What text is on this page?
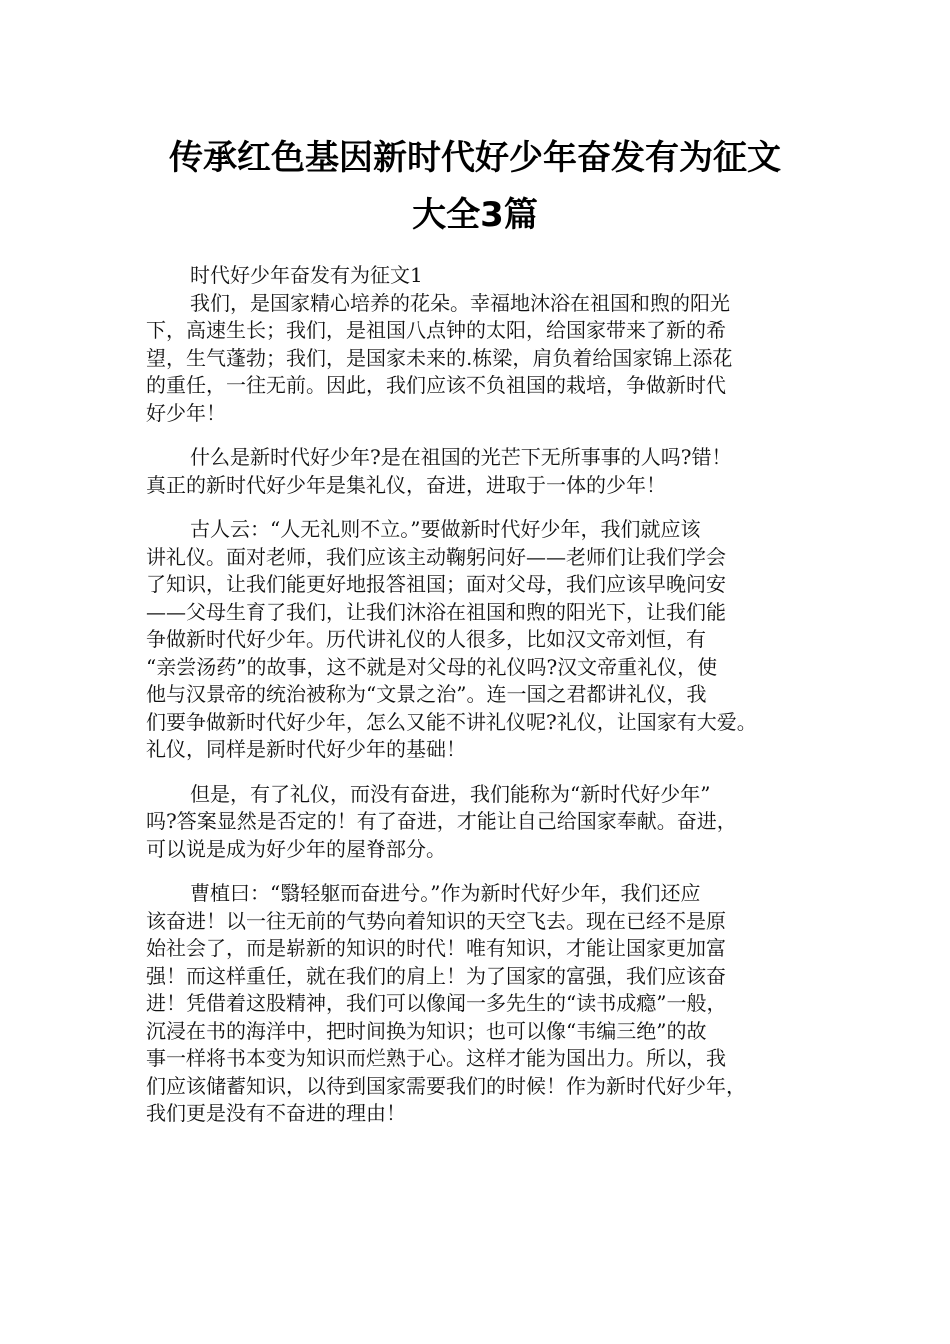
传承红色基因新时代好少年奋发有为征文
大全3篇
时代好少年奋发有为征文1
我们，是国家精心培养的花朵。幸福地沐浴在祖国和煦的阳光
下，高速生长；我们，是祖国八点钟的太阳，给国家带来了新的希
望，生气蓬勃；我们，是国家未来的.栋梁，肩负着给国家锦上添花
的重任，一往无前。因此，我们应该不负祖国的栽培，争做新时代
好少年！
什么是新时代好少年?是在祖国的光芒下无所事事的人吗?错！
真正的新时代好少年是集礼仪，奋进，进取于一体的少年！
古人云：“人无礼则不立。”要做新时代好少年，我们就应该
讲礼仪。面对老师，我们应该主动鞠躬问好——老师们让我们学会
了知识，让我们能更好地报答祖国；面对父母，我们应该早晚问安
——父母生育了我们，让我们沐浴在祖国和煦的阳光下，让我们能
争做新时代好少年。历代讲礼仪的人很多，比如汉文帝刘恒，有
“亲尝汤药”的故事，这不就是对父母的礼仪吗?汉文帝重礼仪，使
他与汉景帝的统治被称为“文景之治”。连一国之君都讲礼仪，我
们要争做新时代好少年，怎么又能不讲礼仪呢?礼仪，让国家有大爱。
礼仪，同样是新时代好少年的基础！
但是，有了礼仪，而没有奋进，我们能称为“新时代好少年”
吗?答案显然是否定的！有了奋进，才能让自己给国家奉献。奋进，
可以说是成为好少年的屋脊部分。
曹植曰：“翳轻躯而奋进兮。”作为新时代好少年，我们还应
该奋进！以一往无前的气势向着知识的天空飞去。现在已经不是原
始社会了，而是崭新的知识的时代！唯有知识，才能让国家更加富
强！而这样重任，就在我们的肩上！为了国家的富强，我们应该奋
进！凭借着这股精神，我们可以像闻一多先生的“读书成瘾”一般，
沉浸在书的海洋中，把时间换为知识；也可以像“韦编三绝”的故
事一样将书本变为知识而烂熟于心。这样才能为国出力。所以，我
们应该储蓄知识，以待到国家需要我们的时候！作为新时代好少年，
我们更是没有不奋进的理由！
